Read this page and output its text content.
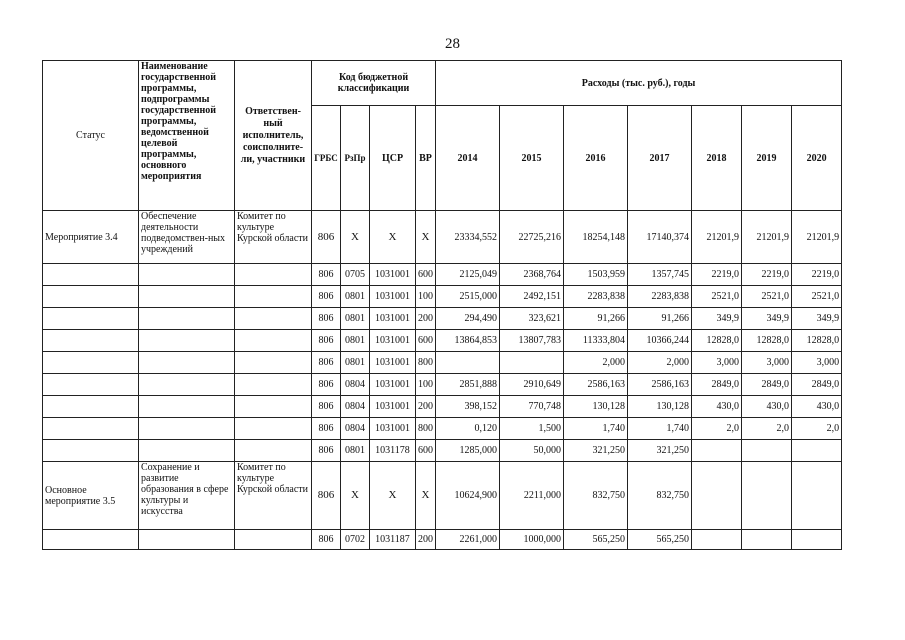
28
Статус	Наименование государственной программы, подпрограммы государственной программы, ведомственной целевой программы, основного мероприятия	Ответствен-ный исполнитель, соисполните-ли, участники	Код бюджетной классификации				Расходы (тыс. руб.), годы						
			ГРБС	РзПр	ЦСР	ВР	2014	2015	2016	2017	2018	2019	2020
Мероприятие 3.4	Обеспечение деятельности подведомствен-ных учреждений	Комитет по культуре Курской области	806	Х	Х	Х	23334,552	22725,216	18254,148	17140,374	21201,9	21201,9	21201,9
			806	0705	1031001	600	2125,049	2368,764	1503,959	1357,745	2219,0	2219,0	2219,0
			806	0801	1031001	100	2515,000	2492,151	2283,838	2283,838	2521,0	2521,0	2521,0
			806	0801	1031001	200	294,490	323,621	91,266	91,266	349,9	349,9	349,9
			806	0801	1031001	600	13864,853	13807,783	11333,804	10366,244	12828,0	12828,0	12828,0
			806	0801	1031001	800			2,000	2,000	3,000	3,000	3,000
			806	0804	1031001	100	2851,888	2910,649	2586,163	2586,163	2849,0	2849,0	2849,0
			806	0804	1031001	200	398,152	770,748	130,128	130,128	430,0	430,0	430,0
			806	0804	1031001	800	0,120	1,500	1,740	1,740	2,0	2,0	2,0
			806	0801	1031178	600	1285,000	50,000	321,250	321,250			
Основное мероприятие 3.5	Сохранение и развитие образования в сфере культуры и искусства	Комитет по культуре Курской области	806	Х	Х	Х	10624,900	2211,000	832,750	832,750			
			806	0702	1031187	200	2261,000	1000,000	565,250	565,250			
